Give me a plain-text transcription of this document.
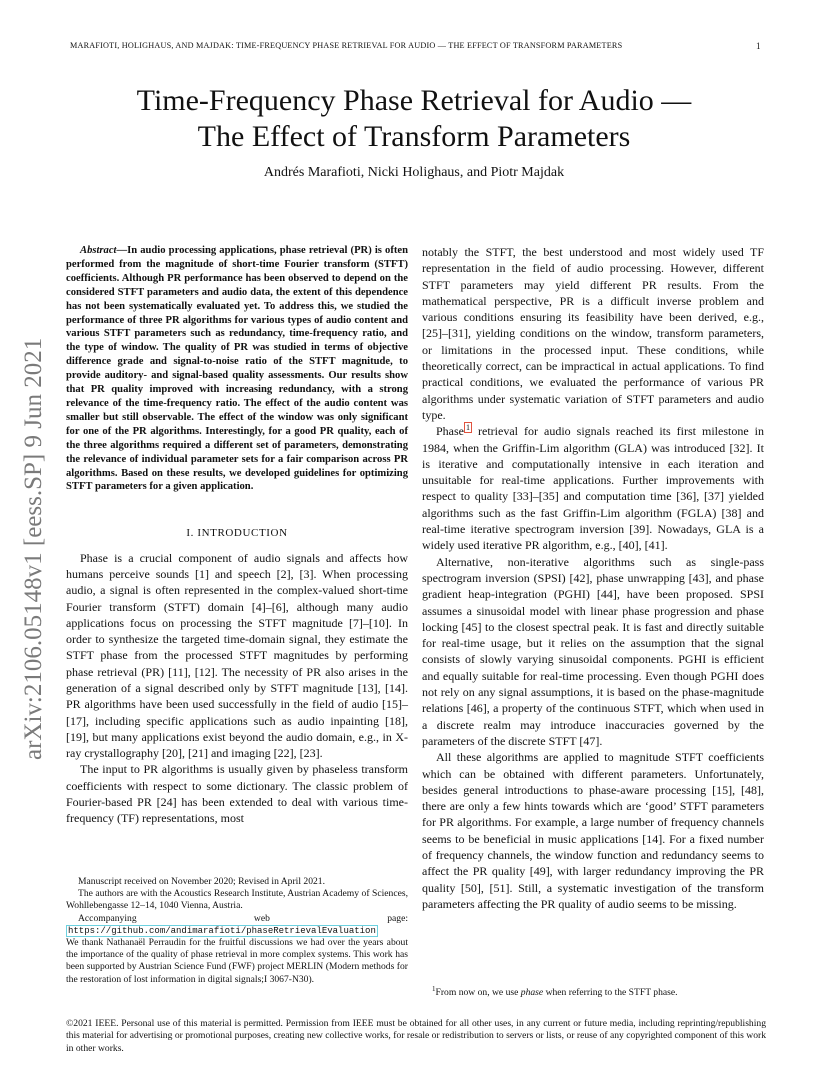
MARAFIOTI, HOLIGHAUS, AND MAJDAK: TIME-FREQUENCY PHASE RETRIEVAL FOR AUDIO — THE EFFECT OF TRANSFORM PARAMETERS	1
Time-Frequency Phase Retrieval for Audio —
The Effect of Transform Parameters
Andrés Marafioti, Nicki Holighaus, and Piotr Majdak
arXiv:2106.05148v1 [eess.SP] 9 Jun 2021

Abstract—In audio processing applications, phase retrieval (PR) is often performed from the magnitude of short-time Fourier transform (STFT) coefficients. Although PR performance has been observed to depend on the considered STFT parameters and audio data, the extent of this dependence has not been systematically evaluated yet. To address this, we studied the performance of three PR algorithms for various types of audio content and various STFT parameters such as redundancy, time-frequency ratio, and the type of window. The quality of PR was studied in terms of objective difference grade and signal-to-noise ratio of the STFT magnitude, to provide auditory- and signal-based quality assessments. Our results show that PR quality improved with increasing redundancy, with a strong relevance of the time-frequency ratio. The effect of the audio content was smaller but still observable. The effect of the window was only significant for one of the PR algorithms. Interestingly, for a good PR quality, each of the three algorithms required a different set of parameters, demonstrating the relevance of individual parameter sets for a fair comparison across PR algorithms. Based on these results, we developed guidelines for optimizing STFT parameters for a given application.

I. INTRODUCTION

Phase is a crucial component of audio signals and affects how humans perceive sounds [1] and speech [2], [3]. When processing audio, a signal is often represented in the complex-valued short-time Fourier transform (STFT) domain [4]–[6], although many audio applications focus on processing the STFT magnitude [7]–[10]. In order to synthesize the targeted time-domain signal, they estimate the STFT phase from the processed STFT magnitudes by performing phase retrieval (PR) [11], [12]. The necessity of PR also arises in the generation of a signal described only by STFT magnitude [13], [14]. PR algorithms have been used successfully in the field of audio [15]–[17], including specific applications such as audio inpainting [18], [19], but many applications exist beyond the audio domain, e.g., in X-ray crystallography [20], [21] and imaging [22], [23].

The input to PR algorithms is usually given by phaseless transform coefficients with respect to some dictionary. The classic problem of Fourier-based PR [24] has been extended to deal with various time-frequency (TF) representations, most

notably the STFT, the best understood and most widely used TF representation in the field of audio processing. However, different STFT parameters may yield different PR results. From the mathematical perspective, PR is a difficult inverse problem and various conditions ensuring its feasibility have been derived, e.g., [25]–[31], yielding conditions on the window, transform parameters, or limitations in the processed input. These conditions, while theoretically correct, can be impractical in actual applications. To find practical conditions, we evaluated the performance of various PR algorithms under systematic variation of STFT parameters and audio type.

Phase $^1$ retrieval for audio signals reached its first milestone in 1984, when the Griffin-Lim algorithm (GLA) was introduced [32]. It is iterative and computationally intensive in each iteration and unsuitable for real-time applications. Further improvements with respect to quality [33]–[35] and computation time [36], [37] yielded algorithms such as the fast Griffin-Lim algorithm (FGLA) [38] and real-time iterative spectrogram inversion [39]. Nowadays, GLA is a widely used iterative PR algorithm, e.g., [40], [41].

Alternative, non-iterative algorithms such as single-pass spectrogram inversion (SPSI) [42], phase unwrapping [43], and phase gradient heap-integration (PGHI) [44], have been proposed. SPSI assumes a sinusoidal model with linear phase progression and phase locking [45] to the closest spectral peak. It is fast and directly suitable for real-time usage, but it relies on the assumption that the signal consists of slowly varying sinusoidal components. PGHI is efficient and equally suitable for real-time processing. Even though PGHI does not rely on any signal assumptions, it is based on the phase-magnitude relations [46], a property of the continuous STFT, which when used in a discrete realm may introduce inaccuracies governed by the parameters of the discrete STFT [47].

All these algorithms are applied to magnitude STFT coefficients which can be obtained with different parameters. Unfortunately, besides general introductions to phase-aware processing [15], [48], there are only a few hints towards which are ‘good’ STFT parameters for PR algorithms. For example, a large number of frequency channels seems to be beneficial in music applications [14]. For a fixed number of frequency channels, the window function and redundancy seems to affect the PR quality [49], with larger redundancy improving the PR quality [50], [51]. Still, a systematic investigation of the transform parameters affecting the PR quality of audio seems to be missing.

Manuscript received on November 2020; Revised in April 2021.

The authors are with the Acoustics Research Institute, Austrian Academy of Sciences, Wohllebengasse 12–14, 1040 Vienna, Austria.

Accompanying web page: https://github.com/andimarafioti/phaseRetrievalEvaluation

We thank Nathanaël Perraudin for the fruitful discussions we had over the years about the importance of the quality of phase retrieval in more complex systems. This work has been supported by Austrian Science Fund (FWF) project MERLIN (Modern methods for the restoration of lost information in digital signals;I 3067-N30).

$^1$From now on, we use phase when referring to the STFT phase.
©2021 IEEE. Personal use of this material is permitted. Permission from IEEE must be obtained for all other uses, in any current or future media, including reprinting/republishing this material for advertising or promotional purposes, creating new collective works, for resale or redistribution to servers or lists, or reuse of any copyrighted component of this work in other works.
